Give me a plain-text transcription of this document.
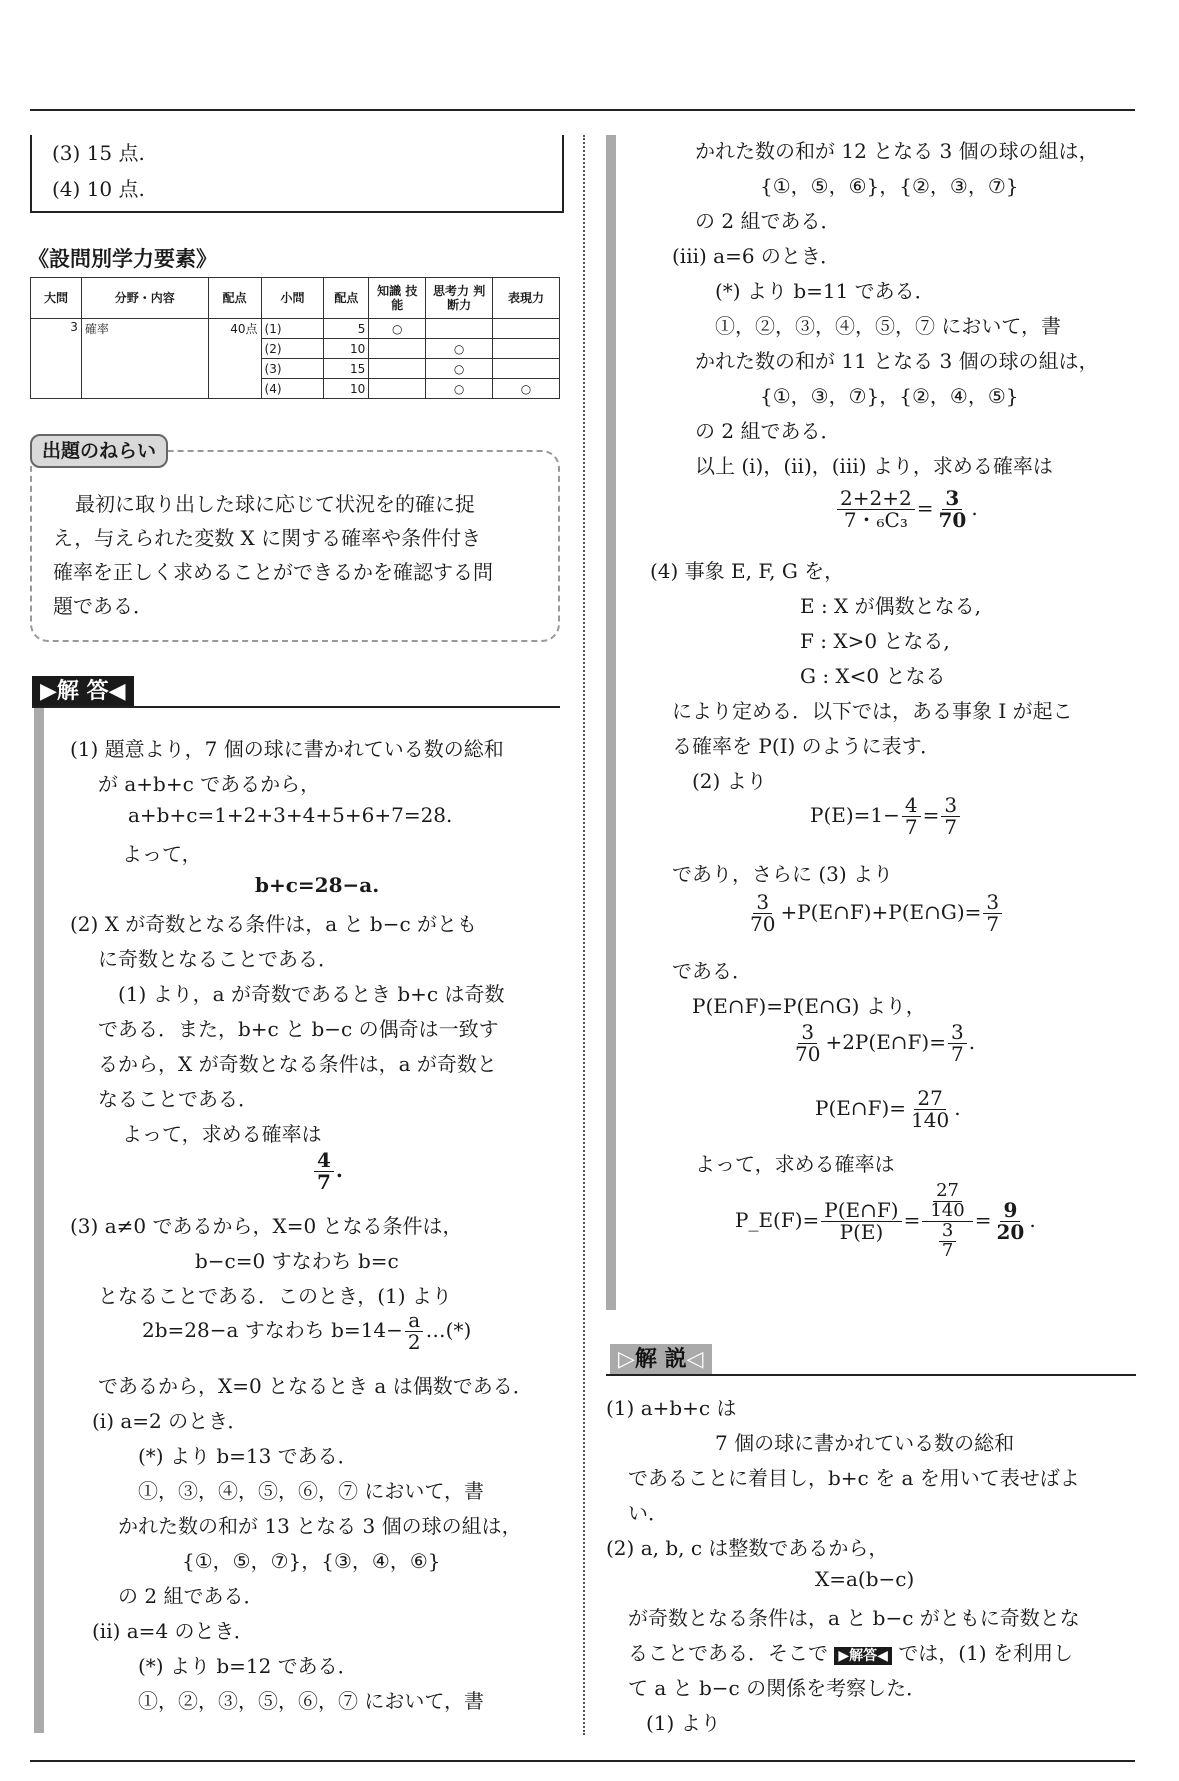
(3) 15 点.
(4) 10 点.
《設問別学力要素》
大問	分野・内容	配点	小問	配点	知識 技能	思考力 判断力	表現力
3	確率	40点	(1)	5	○		
			(2)	10		○	
			(3)	15		○	
			(4)	10		○	○
出題のねらい
最初に取り出した球に応じて状況を的確に捉
え，与えられた変数 X に関する確率や条件付き
確率を正しく求めることができるかを確認する問
題である．
▶解 答◀
(1) 題意より，7 個の球に書かれている数の総和
が a+b+c であるから，
a+b+c=1+2+3+4+5+6+7=28.
よって，
b+c=28−a.
(2) X が奇数となる条件は，a と b−c がとも
に奇数となることである．
(1) より，a が奇数であるとき b+c は奇数
である．また，b+c と b−c の偶奇は一致す
るから，X が奇数となる条件は，a が奇数と
なることである．
よって，求める確率は
$\frac{4}{7}$ .
(3) a≠0 であるから，X=0 となる条件は，
b−c=0 すなわち b=c
となることである．このとき，(1) より
2b=28−a すなわち $b=14- \frac{a}{2}$ …(*)
であるから，X=0 となるとき a は偶数である．
(i) a=2 のとき．
(*) より b=13 である．
①，③，④，⑤，⑥，⑦ において，書
かれた数の和が 13 となる 3 個の球の組は，
{①，⑤，⑦}，{③，④，⑥}
の 2 組である．
(ii) a=4 のとき．
(*) より b=12 である．
①，②，③，⑤，⑥，⑦ において，書
かれた数の和が 12 となる 3 個の球の組は，
{①，⑤，⑥}，{②，③，⑦}
の 2 組である．
(iii) a=6 のとき．
(*) より b=11 である．
①，②，③，④，⑤，⑦ において，書
かれた数の和が 11 となる 3 個の球の組は，
{①，③，⑦}，{②，④，⑤}
の 2 組である．
以上 (i)，(ii)，(iii) より，求める確率は
$\frac{2+2+2}{\text{7・₆C₃}} = \frac{3}{70}$ .
(4) 事象 E, F, G を，
E : X が偶数となる,
F : X>0 となる,
G : X<0 となる
により定める．以下では，ある事象 I が起こ
る確率を P(I) のように表す．
(2) より
$P(E)=1- \frac{4}{7} = \frac{3}{7}$
であり，さらに (3) より
$\frac{3}{70}$ +P(E∩F)+P(E∩G)= $\frac{3}{7}$
である．
P(E∩F)=P(E∩G) より，
$\frac{3}{70}$ +2P(E∩F)= $\frac{3}{7}$ .
P(E∩F)= $\frac{27}{140}$ .
よって，求める確率は
P_E(F)= $\frac{P(E\cap F)}{P(E)} = \frac{\frac{27}{140}}{\frac{3}{7}} = \frac{9}{20}$ .
▷解 説◁
(1) a+b+c は
7 個の球に書かれている数の総和
であることに着目し，b+c を a を用いて表せばよ
い．
(2) a, b, c は整数であるから，
X=a(b−c)
が奇数となる条件は，a と b−c がともに奇数とな
ることである．そこで ▶解答◀ では，(1) を利用し
て a と b−c の関係を考察した．
(1) より
